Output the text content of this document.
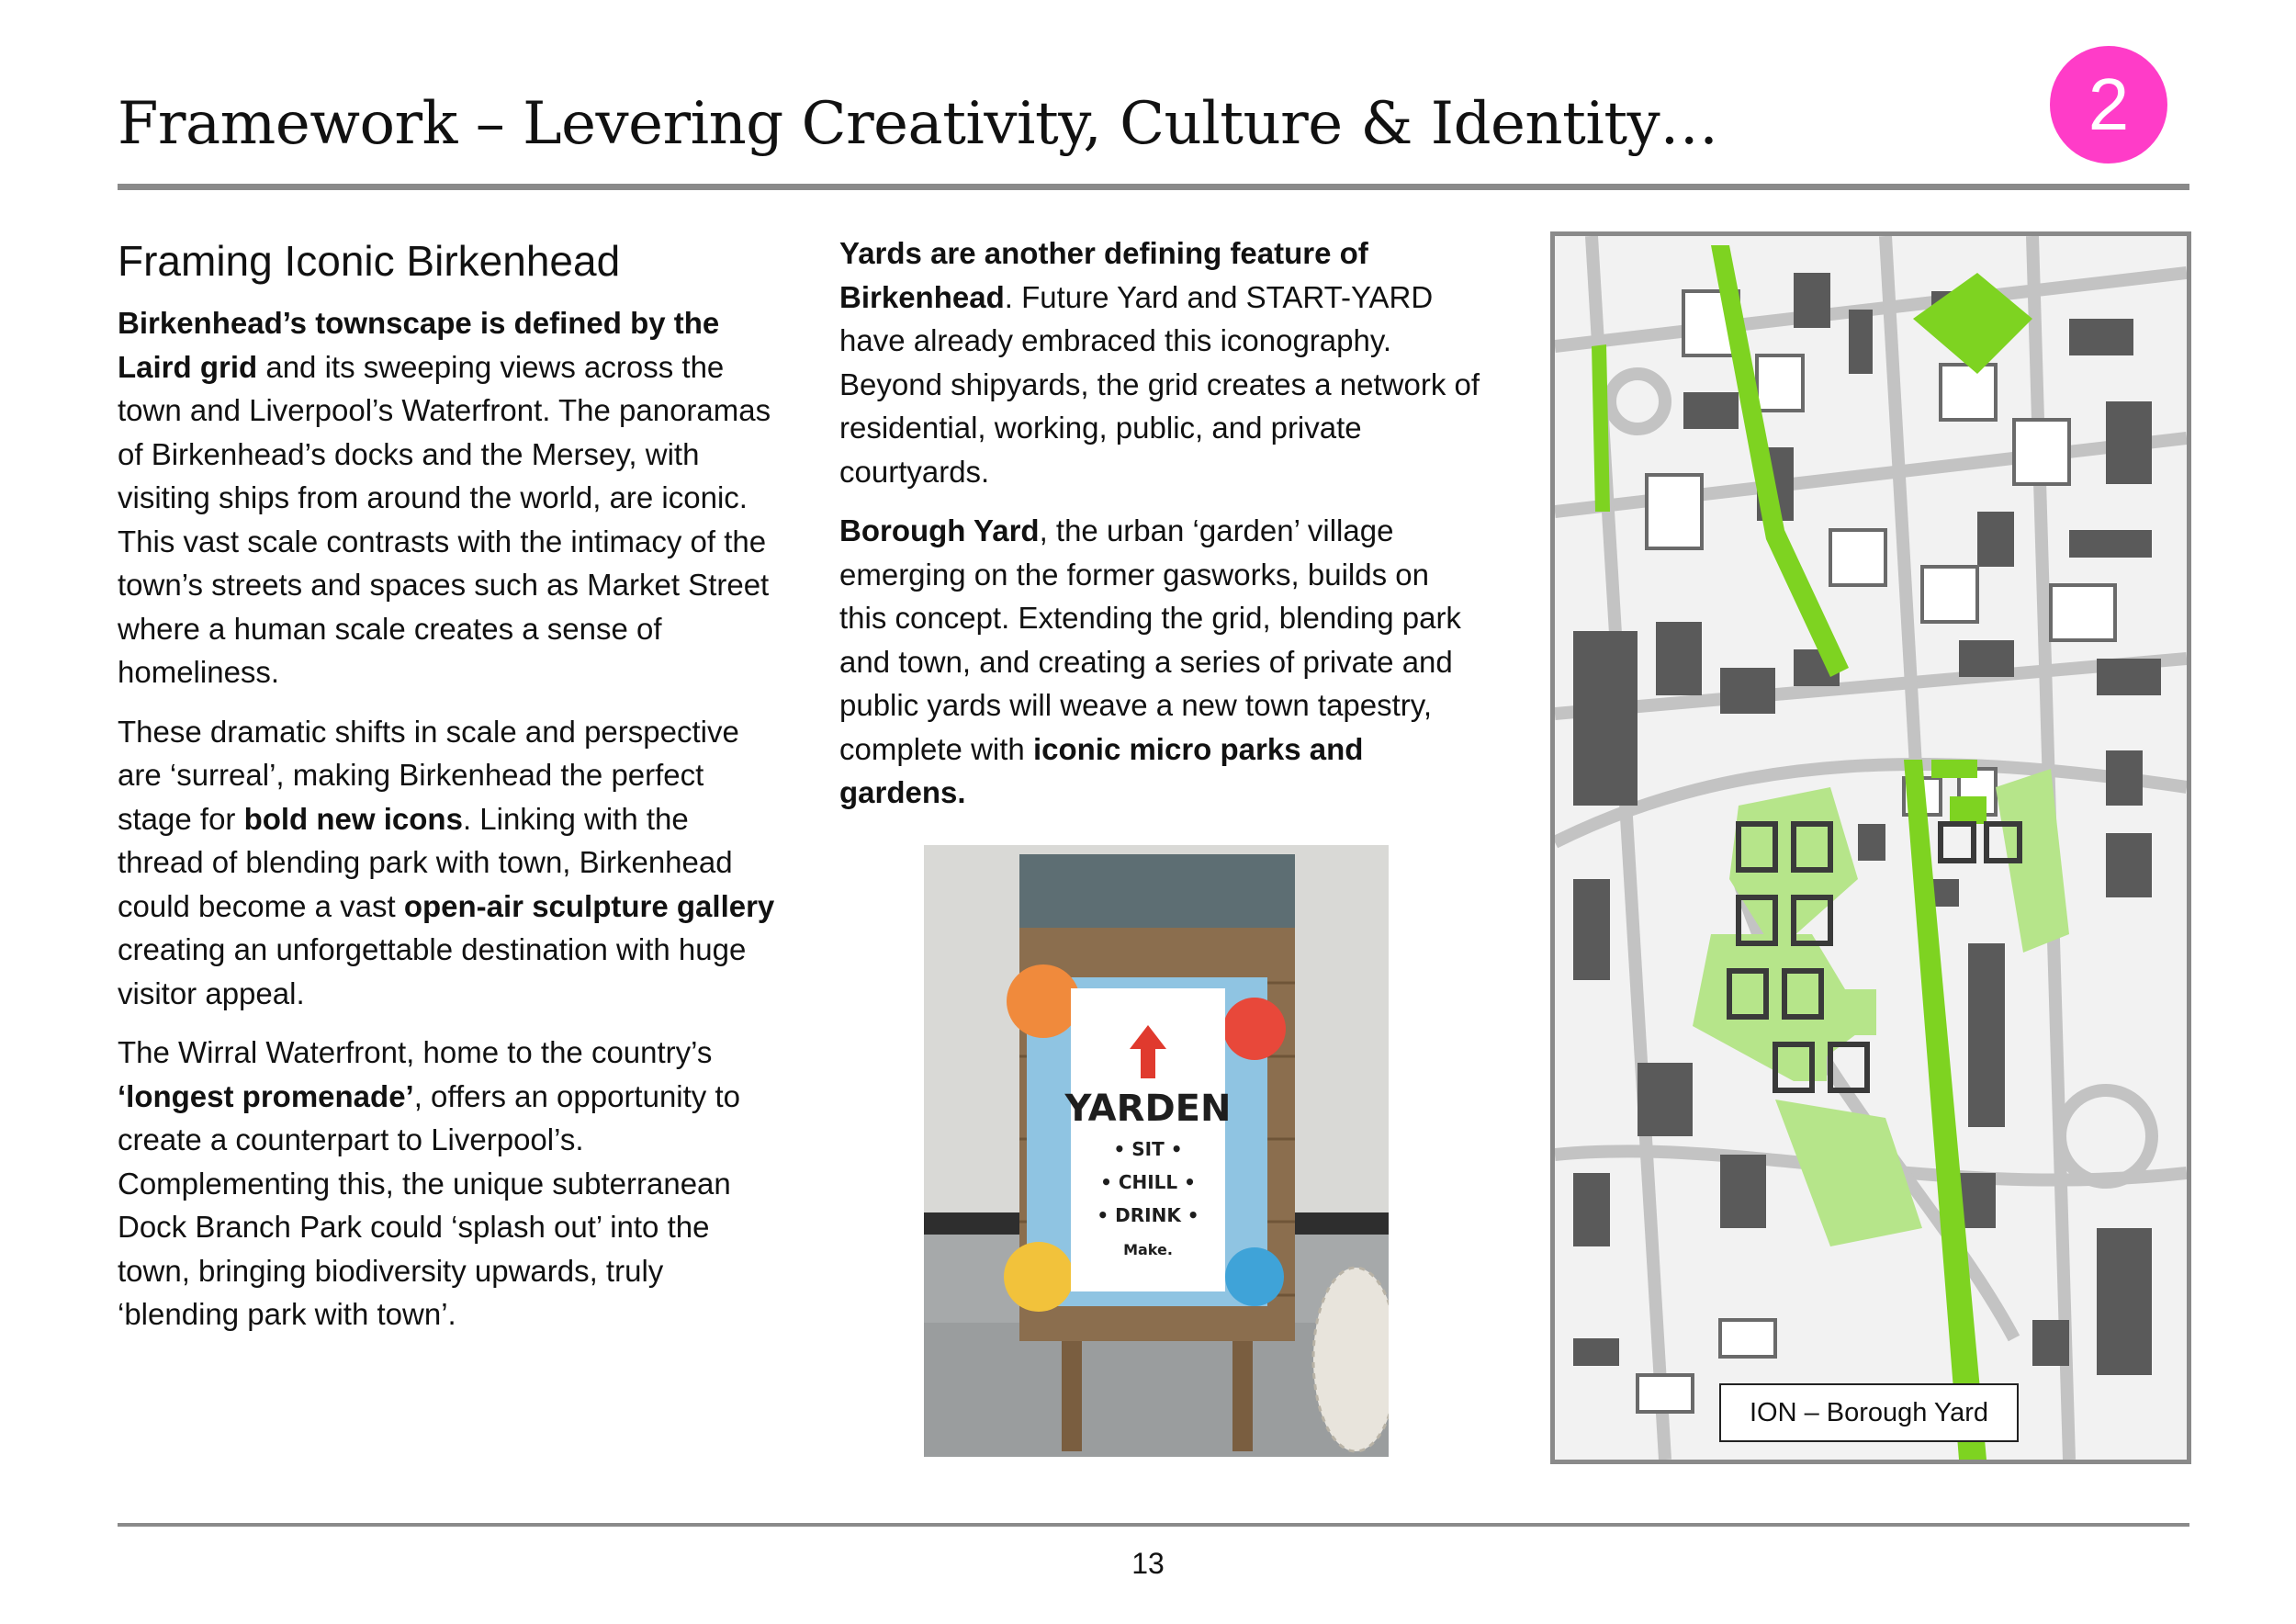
Framework – Levering Creativity, Culture & Identity…	2

Framing Iconic Birkenhead

Birkenhead’s townscape is defined by the Laird grid and its sweeping views across the town and Liverpool’s Waterfront. The panoramas of Birkenhead’s docks and the Mersey, with visiting ships from around the world, are iconic. This vast scale contrasts with the intimacy of the town’s streets and spaces such as Market Street where a human scale creates a sense of homeliness.

These dramatic shifts in scale and perspective are ‘surreal’, making Birkenhead the perfect stage for bold new icons. Linking with the thread of blending park with town, Birkenhead could become a vast open-air sculpture gallery creating an unforgettable destination with huge visitor appeal.

The Wirral Waterfront, home to the country’s ‘longest promenade’, offers an opportunity to create a counterpart to Liverpool’s. Complementing this, the unique subterranean Dock Branch Park could ‘splash out’ into the town, bringing biodiversity upwards, truly ‘blending park with town’.

Yards are another defining feature of Birkenhead. Future Yard and START-YARD have already embraced this iconography. Beyond shipyards, the grid creates a network of residential, working, public, and private courtyards.

Borough Yard, the urban ‘garden’ village emerging on the former gasworks, builds on this concept. Extending the grid, blending park and town, and creating a series of private and public yards will weave a new town tapestry, complete with iconic micro parks and gardens.

YARDEN
• SIT •
• CHILL •
• DRINK •
Make.
ION – Borough Yard
13
